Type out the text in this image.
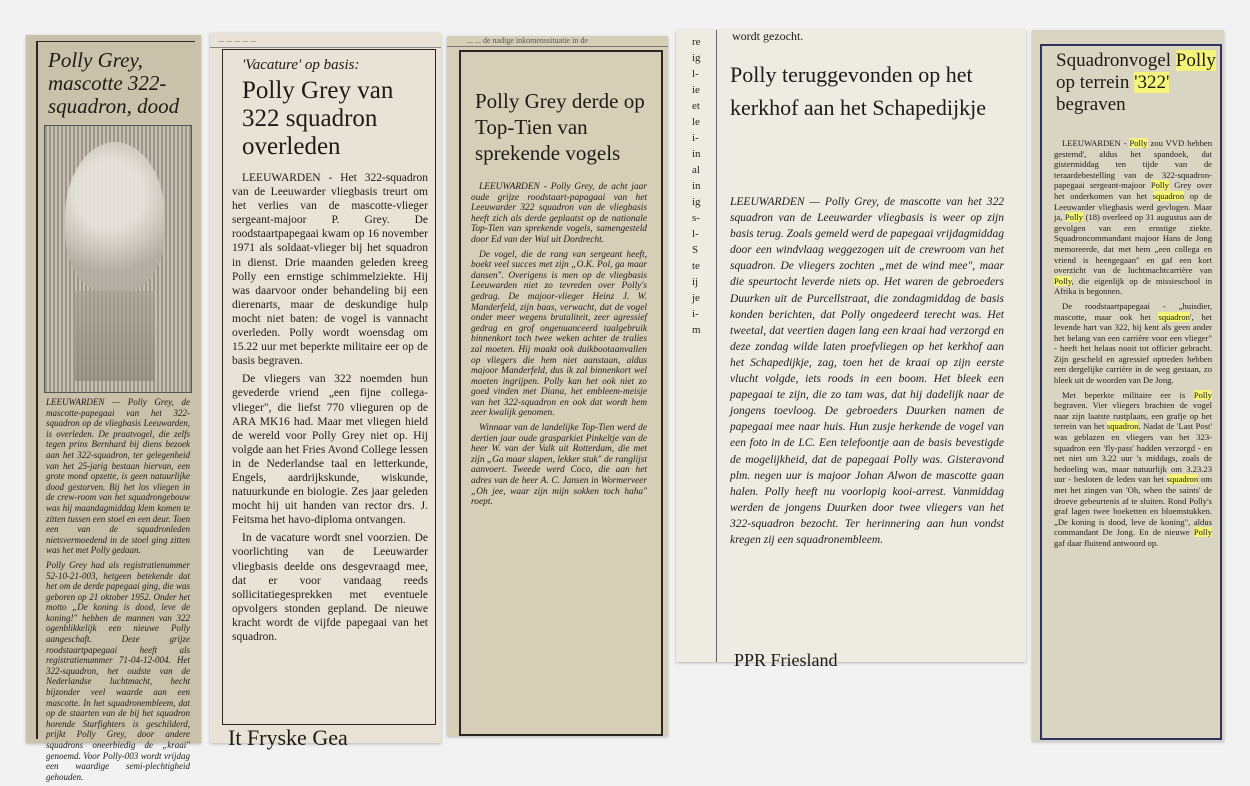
Polly Grey, mascotte 322-squadron, dood

LEEUWARDEN — Polly Grey, de mascotte-papegaai van het 322-squadron op de vliegbasis Leeuwarden, is overleden. De praatvogel, die zelfs tegen prins Bernhard bij diens bezoek aan het 322-squadron, ter gelegenheid van het 25-jarig bestaan hiervan, een grote mond opzette, is geen natuurlijke dood gestorven. Bij het los vliegen in de crew-room van het squadrongebouw was hij maandagmiddag klem komen te zitten tussen een stoel en een deur. Toen een van de squadronleden nietsvermoedend in de stoel ging zitten was het met Polly gedaan.

Polly Grey had als registratienummer 52-10-21-003, hetgeen betekende dat het om de derde papegaai ging, die was geboren op 21 oktober 1952. Onder het motto „De koning is dood, leve de koning!" hebben de mannen van 322 ogenblikkelijk een nieuwe Polly aangeschaft. Deze grijze roodstaartpapegaai heeft als registratienummer 71-04-12-004. Het 322-squadron, het oudste van de Nederlandse luchtmacht, hecht bijzonder veel waarde aan een mascotte. In het squadronembleem, dat op de staarten van de bij het squadron horende Starfighters is geschilderd, prijkt Polly Grey, door andere squadrons oneerbiedig de „kraai" genoemd. Voor Polly-003 wordt vrijdag een waardige semi-plechtigheid gehouden.

... ... ... ... ...
'Vacature' op basis:
Polly Grey van 322 squadron overleden

LEEUWARDEN - Het 322-squadron van de Leeuwarder vliegbasis treurt om het verlies van de mascotte-vlieger sergeant-majoor P. Grey. De roodstaartpapegaai kwam op 16 november 1971 als soldaat-vlieger bij het squadron in dienst. Drie maanden geleden kreeg Polly een ernstige schimmelziekte. Hij was daarvoor onder behandeling bij een dierenarts, maar de deskundige hulp mocht niet baten: de vogel is vannacht overleden. Polly wordt woensdag om 15.22 uur met beperkte militaire eer op de basis begraven.

De vliegers van 322 noemden hun gevederde vriend „een fijne collega-vlieger", die liefst 770 vlieguren op de ARA MK16 had. Maar met vliegen hield de wereld voor Polly Grey niet op. Hij volgde aan het Fries Avond College lessen in de Nederlandse taal en letterkunde, Engels, aardrijkskunde, wiskunde, natuurkunde en biologie. Zes jaar geleden mocht hij uit handen van rector drs. J. Feitsma het havo-diploma ontvangen.

In de vacature wordt snel voorzien. De voorlichting van de Leeuwarder vliegbasis deelde ons desgevraagd mee, dat er voor vandaag reeds sollicitatiegesprekken met eventuele opvolgers stonden gepland. De nieuwe kracht wordt de vijfde papegaai van het squadron.

It Fryske Gea
... ... de nadige inkomenssituatie in de
Polly Grey derde op Top-Tien van sprekende vogels

LEEUWARDEN - Polly Grey, de acht jaar oude grijze roodstaart-papagaai van het Leeuwarder 322 squadron van de vliegbasis heeft zich als derde geplaatst op de nationale Top-Tien van sprekende vogels, samengesteld door Ed van der Wal uit Dordrecht.

De vogel, die de rang van sergeant heeft, boekt veel succes met zijn „O.K. Pol, ga maar dansen". Overigens is men op de vliegbasis Leeuwarden niet zo tevreden over Polly's gedrag. De majoor-vlieger Heinz J. W. Manderfeld, zijn baas, verwacht, dat de vogel onder meer wegens brutaliteit, zeer agressief gedrag en grof ongenuanceerd taalgebruik binnenkort toch twee weken achter de tralies zal moeten. Hij maakt ook duikbootaanvallen op vliegers die hem niet aanstaan, aldus majoor Manderfeld, dus ik zal binnenkort wel moeten ingrijpen. Polly kan het ook niet zo goed vinden met Diana, het embleem-meisje van het 322-squadron en ook dat wordt hem zeer kwalijk genomen.

Winnaar van de landelijke Top-Tien werd de dertien jaar oude grasparkiet Pinkeltje van de heer W. van der Valk uit Rotterdam, die met zijn „Ga maar slapen, lekker stuk" de ranglijst aanvoert. Tweede werd Coco, die aan het adres van de heer A. C. Jansen in Wormerveer „Oh jee, waar zijn mijn sokken toch haha" roept.

re
ig
l-
ie
et
le
i-
in
al
in
ig
s-
l-
S
te
ij
je
i-
m
wordt gezocht.
Polly teruggevonden op het kerkhof aan het Schapedijkje

LEEUWARDEN — Polly Grey, de mascotte van het 322 squadron van de Leeuwarder vliegbasis is weer op zijn basis terug. Zoals gemeld werd de papegaai vrijdagmiddag door een windvlaag weggezogen uit de crewroom van het squadron. De vliegers zochten „met de wind mee", maar die speurtocht leverde niets op. Het waren de gebroeders Duurken uit de Purcellstraat, die zondagmiddag de basis konden berichten, dat Polly ongedeerd terecht was. Het tweetal, dat veertien dagen lang een kraai had verzorgd en deze zondag wilde laten proefvliegen op het kerkhof aan het Schapedijkje, zag, toen het de kraai op zijn eerste vlucht volgde, iets roods in een boom. Het bleek een papegaai te zijn, die zo tam was, dat hij dadelijk naar de jongens toevloog. De gebroeders Duurken namen de papegaai mee naar huis. Hun zusje herkende de vogel van een foto in de LC. Een telefoontje aan de basis bevestigde de mogelijkheid, dat de papegaai Polly was. Gisteravond plm. negen uur is majoor Johan Alwon de mascotte gaan halen. Polly heeft nu voorlopig kooi-arrest. Vanmiddag werden de jongens Duurken door twee vliegers van het 322-squadron bezocht. Ter herinnering aan hun vondst kregen zij een squadronembleem.

PPR Friesland
Squadronvogel Polly op terrein '322' begraven

LEEUWARDEN - Polly zou VVD hebben gestemd', aldus het spandoek, dat gistermiddag ten tijde van de teraardebestelling van de 322-squadron-papegaai sergeant-majoor Polly Grey over het onderkomen van het squadron op de Leeuwarder vliegbasis werd gevlogen. Maar ja, Polly (18) overleed op 31 augustus aan de gevolgen van een ernstige ziekte. Squadroncommandant majoor Hans de Jong memoreerde, dat met hem „een collega en vriend is heengegaan" en gaf een kort overzicht van de luchtmachtcarrière van Polly, die eigenlijk op de missieschool in Afrika is begonnen.

De roodstaartpapegaai - „huisdier, mascotte, maar ook het squadron', het levende hart van 322, hij kent als geen ander het belang van een carrière voor een vlieger" - heeft het helaas nooit tot officier gebracht. Zijn gescheld en agressief optreden hebben een dergelijke carrière in de weg gestaan, zo bleek uit de woorden van De Jong.

Met beperkte militaire eer is Polly begraven. Vier vliegers brachten de vogel naar zijn laatste rustplaats, een grafje op het terrein van het squadron. Nadat de 'Last Post' was geblazen en vliegers van het 323-squadron een 'fly-pass' hadden verzorgd - en net niet om 3.22 uur 's middags, zoals de bedoeling was, maar natuurlijk om 3.23.23 uur - besloten de leden van het squadron om met het zingen van 'Oh, when the saints' de droeve gebeurtenis af te sluiten. Rond Polly's graf lagen twee boeketten en bloemstukken. „De koning is dood, leve de koning", aldus commandant De Jong. En de nieuwe Polly gaf daar fluitend antwoord op.
